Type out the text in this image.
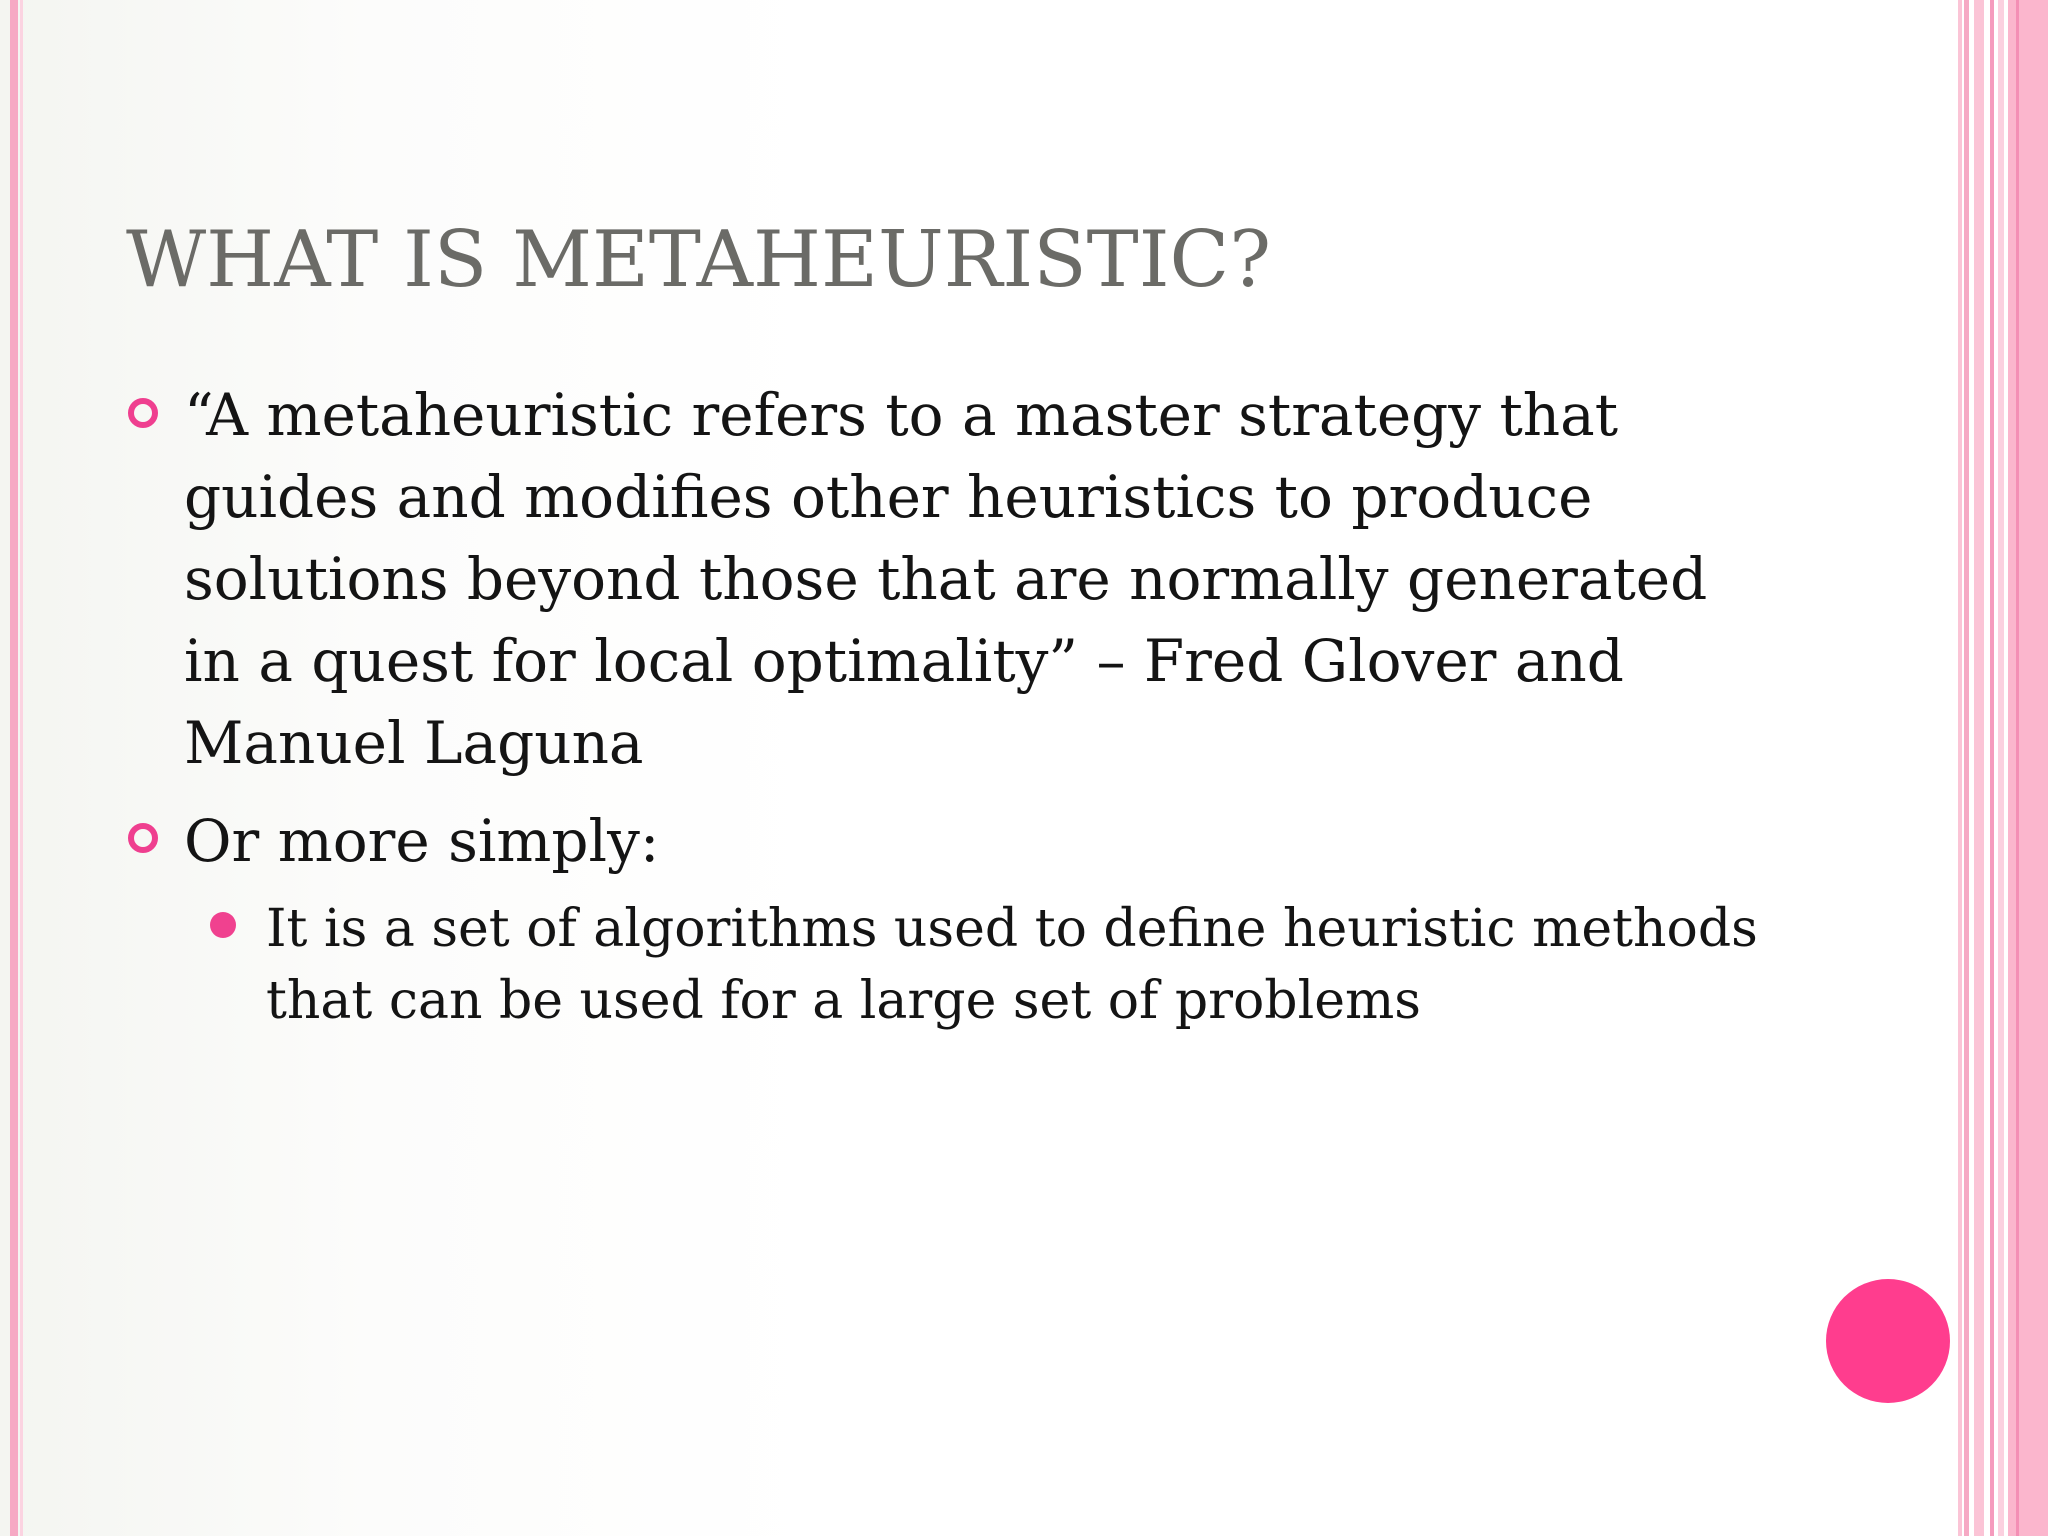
WHAT IS METAHEURISTIC?
“A metaheuristic refers to a master strategy that guides and modifies other heuristics to produce solutions beyond those that are normally generated in a quest for local optimality” – Fred Glover and Manuel Laguna
Or more simply:
It is a set of algorithms used to define heuristic methods that can be used for a large set of problems
